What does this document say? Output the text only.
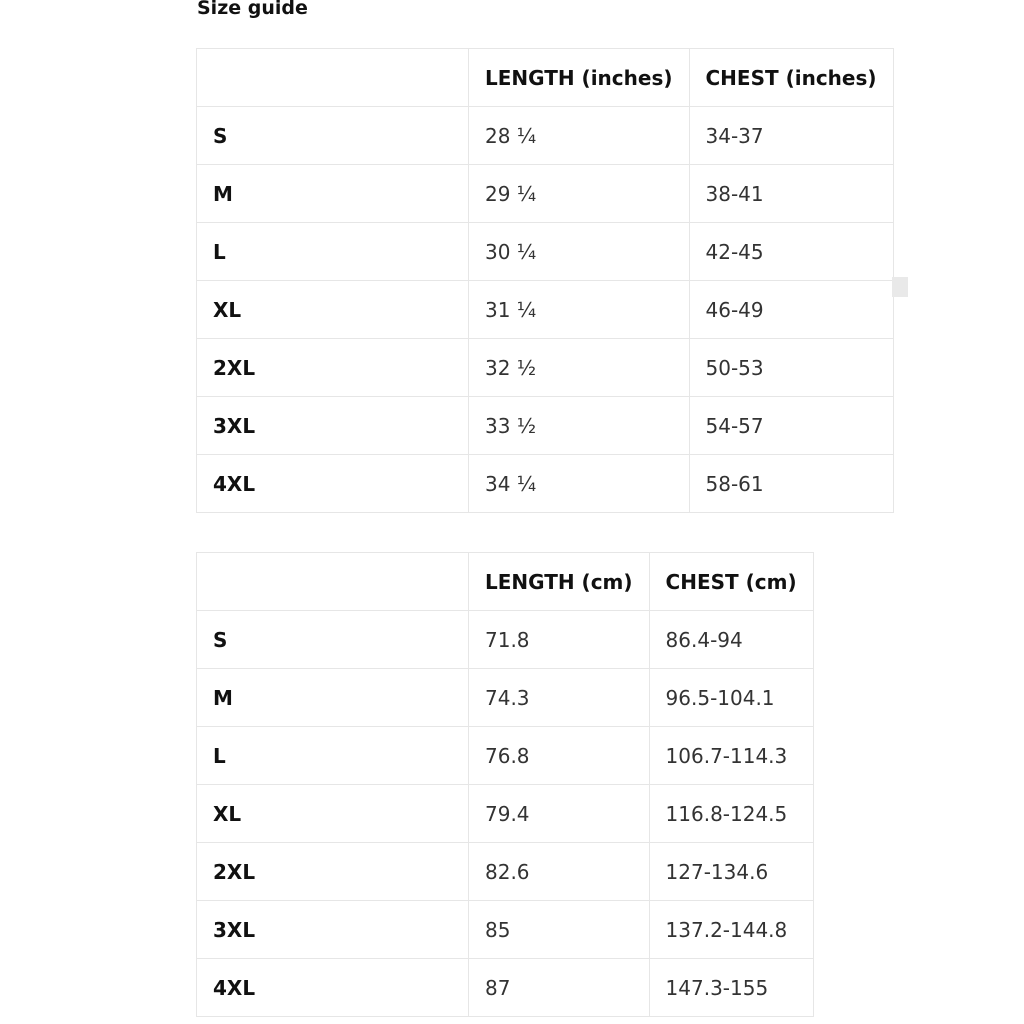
Size guide
	LENGTH (inches)	CHEST (inches)
S	28 ¼	34-37
M	29 ¼	38-41
L	30 ¼	42-45
XL	31 ¼	46-49
2XL	32 ½	50-53
3XL	33 ½	54-57
4XL	34 ¼	58-61
	LENGTH (cm)	CHEST (cm)
S	71.8	86.4-94
M	74.3	96.5-104.1
L	76.8	106.7-114.3
XL	79.4	116.8-124.5
2XL	82.6	127-134.6
3XL	85	137.2-144.8
4XL	87	147.3-155
